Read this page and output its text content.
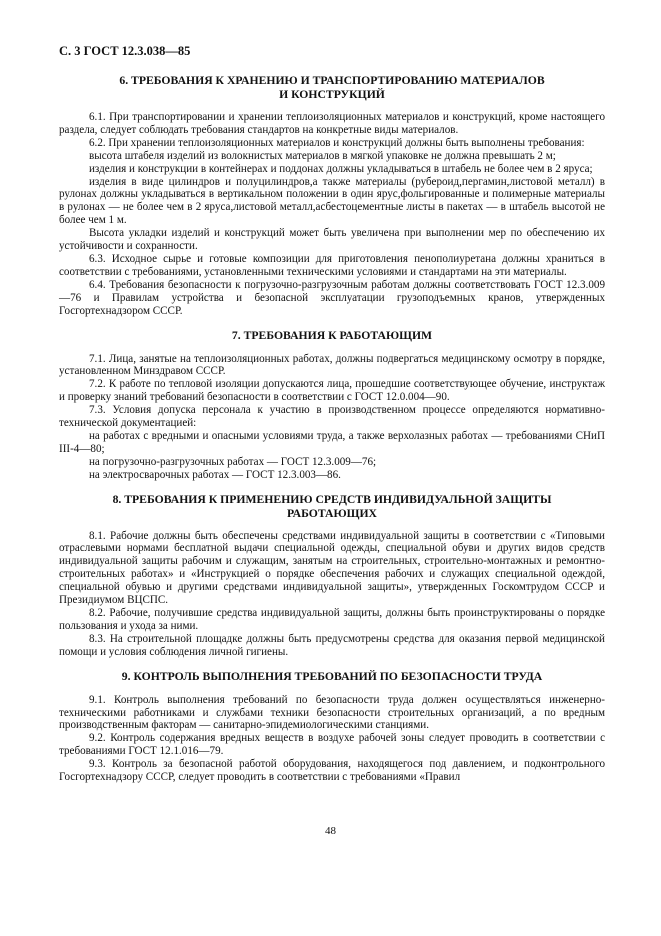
С. 3 ГОСТ 12.3.038—85
6. ТРЕБОВАНИЯ К ХРАНЕНИЮ И ТРАНСПОРТИРОВАНИЮ МАТЕРИАЛОВ
И КОНСТРУКЦИЙ

6.1. При транспортировании и хранении теплоизоляционных материалов и конструкций, кроме настоящего раздела, следует соблюдать требования стандартов на конкретные виды материалов.

6.2. При хранении теплоизоляционных материалов и конструкций должны быть выполнены требования:

высота штабеля изделий из волокнистых материалов в мягкой упаковке не должна превышать 2 м;

изделия и конструкции в контейнерах и поддонах должны укладываться в штабель не более чем в 2 яруса;

изделия в виде цилиндров и полуцилиндров,а также материалы (рубероид,пергамин,листовой металл) в рулонах должны укладываться в вертикальном положении в один ярус,фольгированные и полимерные материалы в рулонах — не более чем в 2 яруса,листовой металл,асбестоцементные листы в пакетах — в штабель высотой не более чем 1 м.

Высота укладки изделий и конструкций может быть увеличена при выполнении мер по обеспечению их устойчивости и сохранности.

6.3. Исходное сырье и готовые композиции для приготовления пенополиуретана должны храниться в соответствии с требованиями, установленными техническими условиями и стандартами на эти материалы.

6.4. Требования безопасности к погрузочно-разгрузочным работам должны соответствовать ГОСТ 12.3.009—76 и Правилам устройства и безопасной эксплуатации грузоподъемных кранов, утвержденных Госгортехнадзором СССР.

7. ТРЕБОВАНИЯ К РАБОТАЮЩИМ

7.1. Лица, занятые на теплоизоляционных работах, должны подвергаться медицинскому осмотру в порядке, установленном Минздравом СССР.

7.2. К работе по тепловой изоляции допускаются лица, прошедшие соответствующее обучение, инструктаж и проверку знаний требований безопасности в соответствии с ГОСТ 12.0.004—90.

7.3. Условия допуска персонала к участию в производственном процессе определяются нормативно-технической документацией:

на работах с вредными и опасными условиями труда, а также верхолазных работах — требованиями СНиП III-4—80;

на погрузочно-разгрузочных работах — ГОСТ 12.3.009—76;

на электросварочных работах — ГОСТ 12.3.003—86.

8. ТРЕБОВАНИЯ К ПРИМЕНЕНИЮ СРЕДСТВ ИНДИВИДУАЛЬНОЙ ЗАЩИТЫ
РАБОТАЮЩИХ

8.1. Рабочие должны быть обеспечены средствами индивидуальной защиты в соответствии с «Типовыми отраслевыми нормами бесплатной выдачи специальной одежды, специальной обуви и других видов средств индивидуальной защиты рабочим и служащим, занятым на строительных, строительно-монтажных и ремонтно-строительных работах» и «Инструкцией о порядке обеспечения рабочих и служащих специальной одеждой, специальной обувью и другими средствами индивидуальной защиты», утвержденных Госкомтрудом СССР и Президиумом ВЦСПС.

8.2. Рабочие, получившие средства индивидуальной защиты, должны быть проинструктированы о порядке пользования и ухода за ними.

8.3. На строительной площадке должны быть предусмотрены средства для оказания первой медицинской помощи и условия соблюдения личной гигиены.

9. КОНТРОЛЬ ВЫПОЛНЕНИЯ ТРЕБОВАНИЙ ПО БЕЗОПАСНОСТИ ТРУДА

9.1. Контроль выполнения требований по безопасности труда должен осуществляться инженерно-техническими работниками и службами техники безопасности строительных организаций, а по вредным производственным факторам — санитарно-эпидемиологическими станциями.

9.2. Контроль содержания вредных веществ в воздухе рабочей зоны следует проводить в соответствии с требованиями ГОСТ 12.1.016—79.

9.3. Контроль за безопасной работой оборудования, находящегося под давлением, и подконтрольного Госгортехнадзору СССР, следует проводить в соответствии с требованиями «Правил

48
